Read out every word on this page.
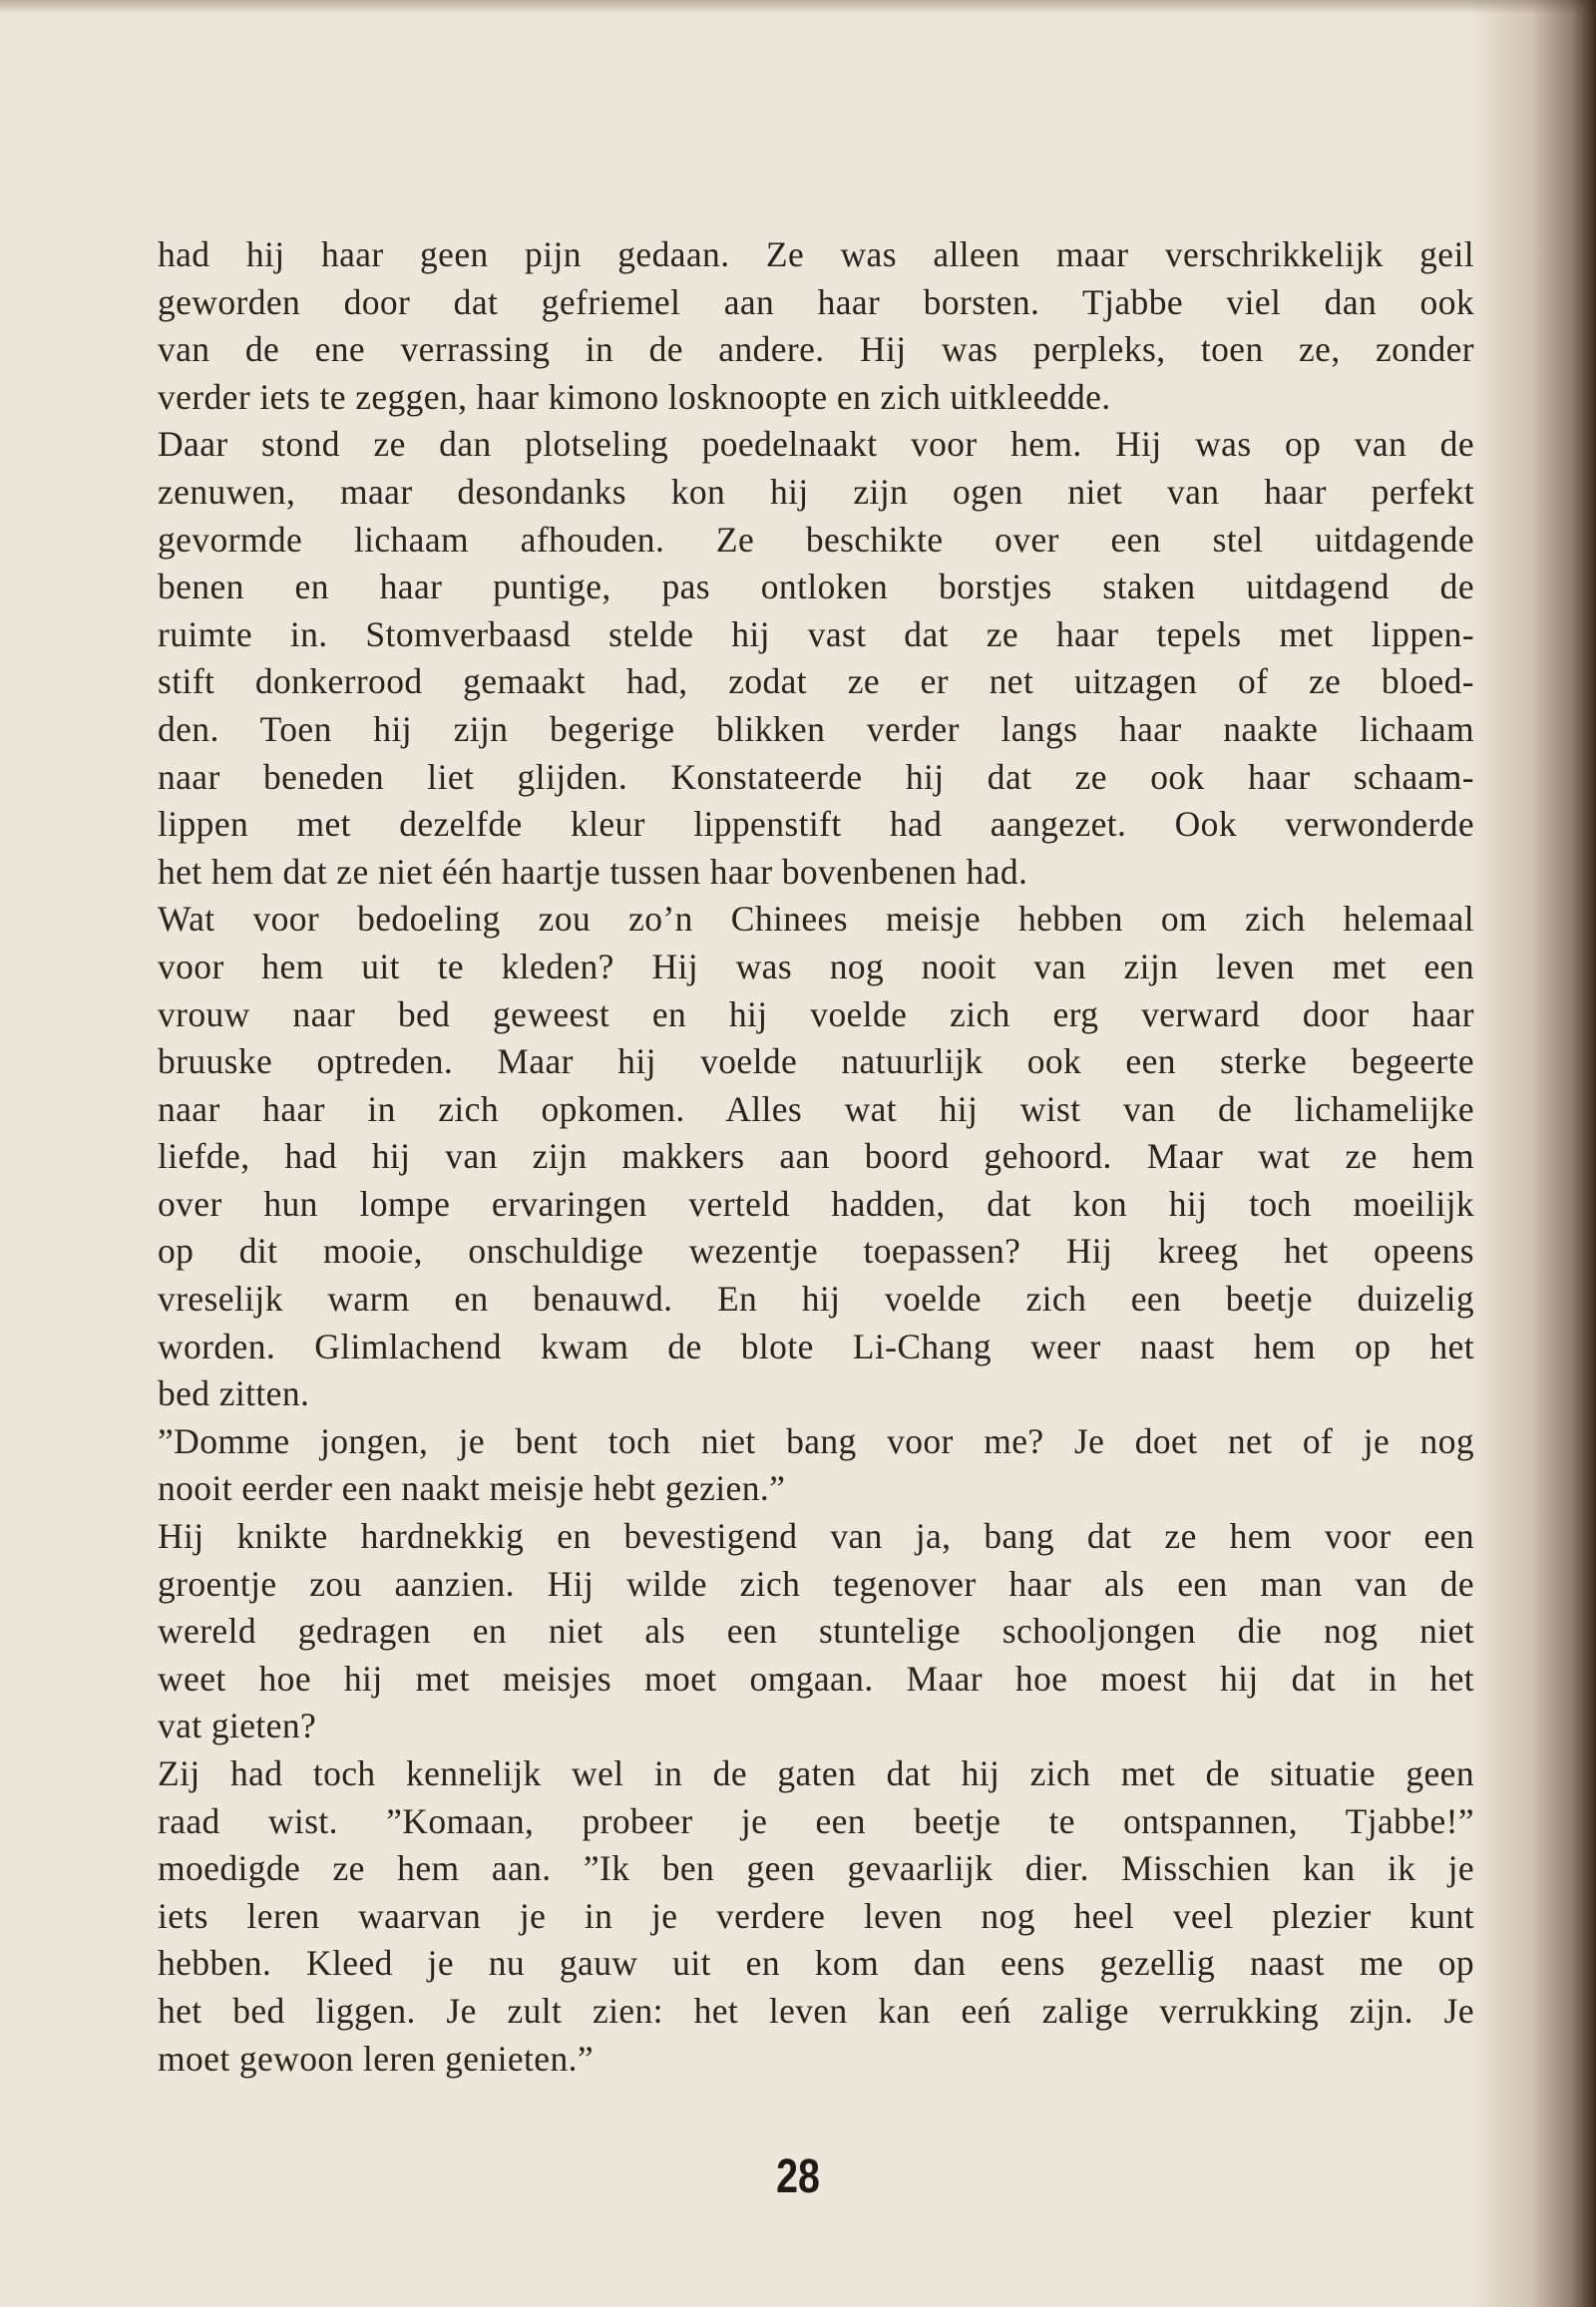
had hij haar geen pijn gedaan. Ze was alleen maar verschrikkelijk geil
geworden door dat gefriemel aan haar borsten. Tjabbe viel dan ook
van de ene verrassing in de andere. Hij was perpleks, toen ze, zonder
verder iets te zeggen, haar kimono losknoopte en zich uitkleedde.
Daar stond ze dan plotseling poedelnaakt voor hem. Hij was op van de
zenuwen, maar desondanks kon hij zijn ogen niet van haar perfekt
gevormde lichaam afhouden. Ze beschikte over een stel uitdagende
benen en haar puntige, pas ontloken borstjes staken uitdagend de
ruimte in. Stomverbaasd stelde hij vast dat ze haar tepels met lippen-
stift donkerrood gemaakt had, zodat ze er net uitzagen of ze bloed-
den. Toen hij zijn begerige blikken verder langs haar naakte lichaam
naar beneden liet glijden. Konstateerde hij dat ze ook haar schaam-
lippen met dezelfde kleur lippenstift had aangezet. Ook verwonderde
het hem dat ze niet één haartje tussen haar bovenbenen had.
Wat voor bedoeling zou zo’n Chinees meisje hebben om zich helemaal
voor hem uit te kleden? Hij was nog nooit van zijn leven met een
vrouw naar bed geweest en hij voelde zich erg verward door haar
bruuske optreden. Maar hij voelde natuurlijk ook een sterke begeerte
naar haar in zich opkomen. Alles wat hij wist van de lichamelijke
liefde, had hij van zijn makkers aan boord gehoord. Maar wat ze hem
over hun lompe ervaringen verteld hadden, dat kon hij toch moeilijk
op dit mooie, onschuldige wezentje toepassen? Hij kreeg het opeens
vreselijk warm en benauwd. En hij voelde zich een beetje duizelig
worden. Glimlachend kwam de blote Li-Chang weer naast hem op het
bed zitten.
”Domme jongen, je bent toch niet bang voor me? Je doet net of je nog
nooit eerder een naakt meisje hebt gezien.”
Hij knikte hardnekkig en bevestigend van ja, bang dat ze hem voor een
groentje zou aanzien. Hij wilde zich tegenover haar als een man van de
wereld gedragen en niet als een stuntelige schooljongen die nog niet
weet hoe hij met meisjes moet omgaan. Maar hoe moest hij dat in het
vat gieten?
Zij had toch kennelijk wel in de gaten dat hij zich met de situatie geen
raad wist. ”Komaan, probeer je een beetje te ontspannen, Tjabbe!”
moedigde ze hem aan. ”Ik ben geen gevaarlijk dier. Misschien kan ik je
iets leren waarvan je in je verdere leven nog heel veel plezier kunt
hebben. Kleed je nu gauw uit en kom dan eens gezellig naast me op
het bed liggen. Je zult zien: het leven kan eeń zalige verrukking zijn. Je
moet gewoon leren genieten.”
28
